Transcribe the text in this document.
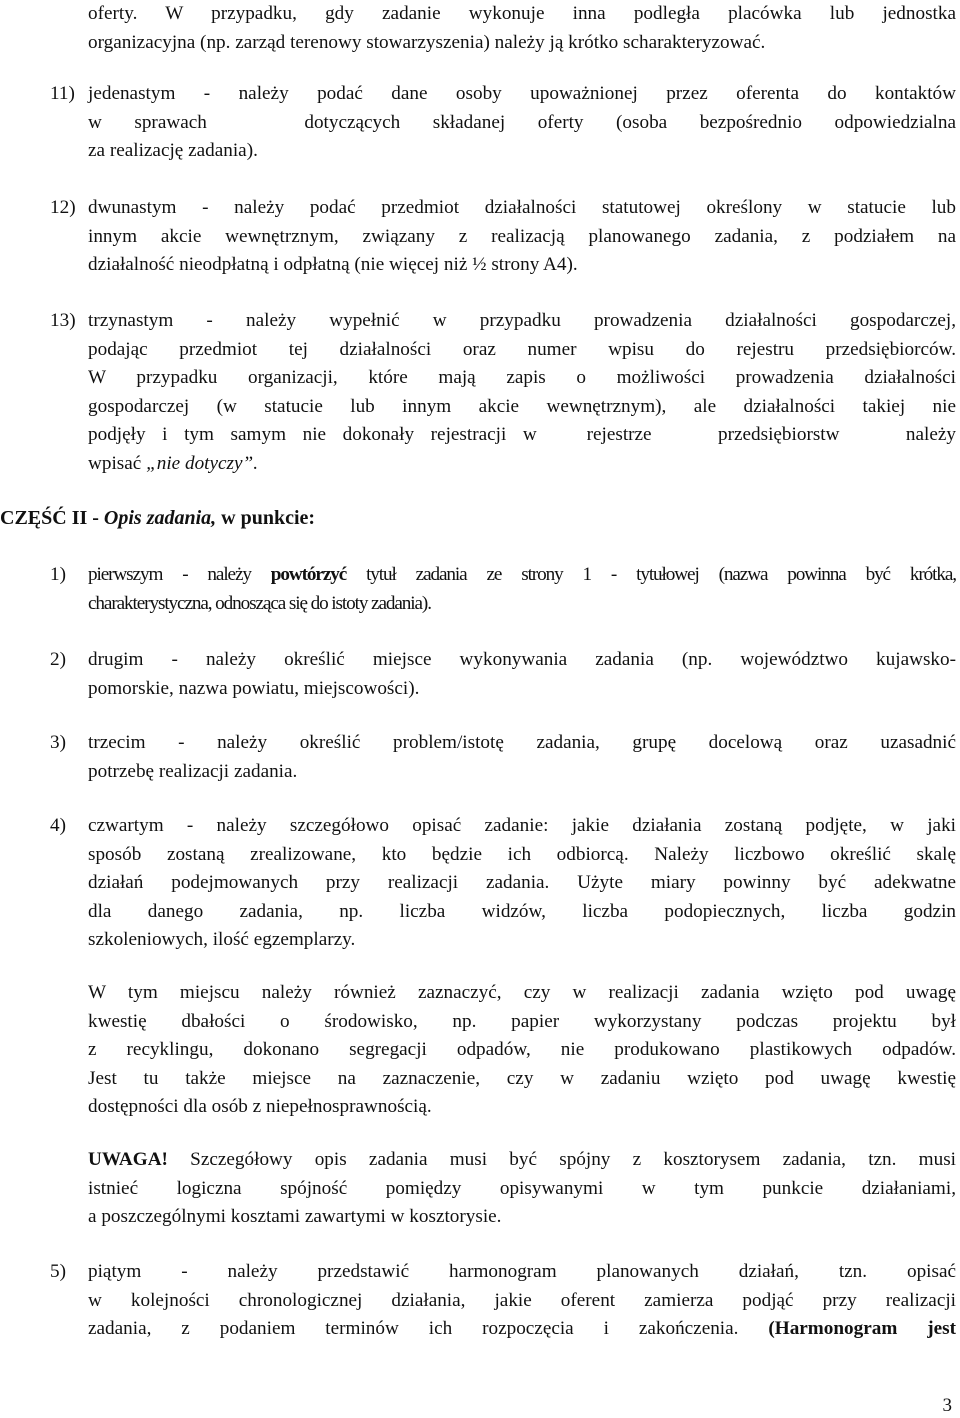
oferty. W przypadku, gdy zadanie wykonuje inna podległa placówka lub jednostka
organizacyjna (np. zarząd terenowy stowarzyszenia) należy ją krótko scharakteryzować.
11) jedenastym - należy podać dane osoby upoważnionej przez oferenta do kontaktów
w sprawach   dotyczących składanej oferty (osoba bezpośrednio odpowiedzialna
za realizację zadania).
12) dwunastym - należy podać przedmiot działalności statutowej określony w statucie lub
innym akcie wewnętrznym, związany z realizacją planowanego zadania, z podziałem na
działalność nieodpłatną i odpłatną (nie więcej niż ½ strony A4).
13) trzynastym - należy wypełnić w przypadku prowadzenia działalności gospodarczej,
podając przedmiot tej działalności oraz numer wpisu do rejestru przedsiębiorców.
W przypadku organizacji, które mają zapis o możliwości prowadzenia działalności
gospodarczej (w statucie lub innym akcie wewnętrznym), ale działalności takiej nie
podjęły i tym samym nie dokonały rejestracji w   rejestrze    przedsiębiorstw    należy
wpisać „nie dotyczy”.
CZĘŚĆ II - Opis zadania, w punkcie:
1)	pierwszym - należy powtórzyć tytuł zadania ze strony 1 - tytułowej (nazwa powinna być krótka,
charakterystyczna, odnosząca się do istoty zadania).
2)	drugim - należy określić miejsce wykonywania zadania (np. województwo kujawsko-
pomorskie, nazwa powiatu, miejscowości).
3)	trzecim - należy określić problem/istotę zadania, grupę docelową oraz uzasadnić
potrzebę realizacji zadania.
4)	czwartym - należy szczegółowo opisać zadanie: jakie działania zostaną podjęte, w jaki
sposób zostaną zrealizowane, kto będzie ich odbiorcą. Należy liczbowo określić skalę
działań podejmowanych przy realizacji zadania. Użyte miary powinny być adekwatne
dla danego zadania, np. liczba widzów, liczba podopiecznych, liczba godzin
szkoleniowych, ilość egzemplarzy.
W tym miejscu należy również zaznaczyć, czy w realizacji zadania wzięto pod uwagę
kwestię dbałości o środowisko, np. papier wykorzystany podczas projektu był
z recyklingu, dokonano segregacji odpadów, nie produkowano plastikowych odpadów.
Jest tu także miejsce na zaznaczenie, czy w zadaniu wzięto pod uwagę kwestię
dostępności dla osób z niepełnosprawnością.
UWAGA! Szczegółowy opis zadania musi być spójny z kosztorysem zadania, tzn. musi
istnieć logiczna spójność pomiędzy opisywanymi w tym punkcie działaniami,
a poszczególnymi kosztami zawartymi w kosztorysie.
5)	piątym - należy przedstawić harmonogram planowanych działań, tzn. opisać
w kolejności chronologicznej działania, jakie oferent zamierza podjąć przy realizacji
zadania, z podaniem terminów ich rozpoczęcia i zakończenia. (Harmonogram jest
3
